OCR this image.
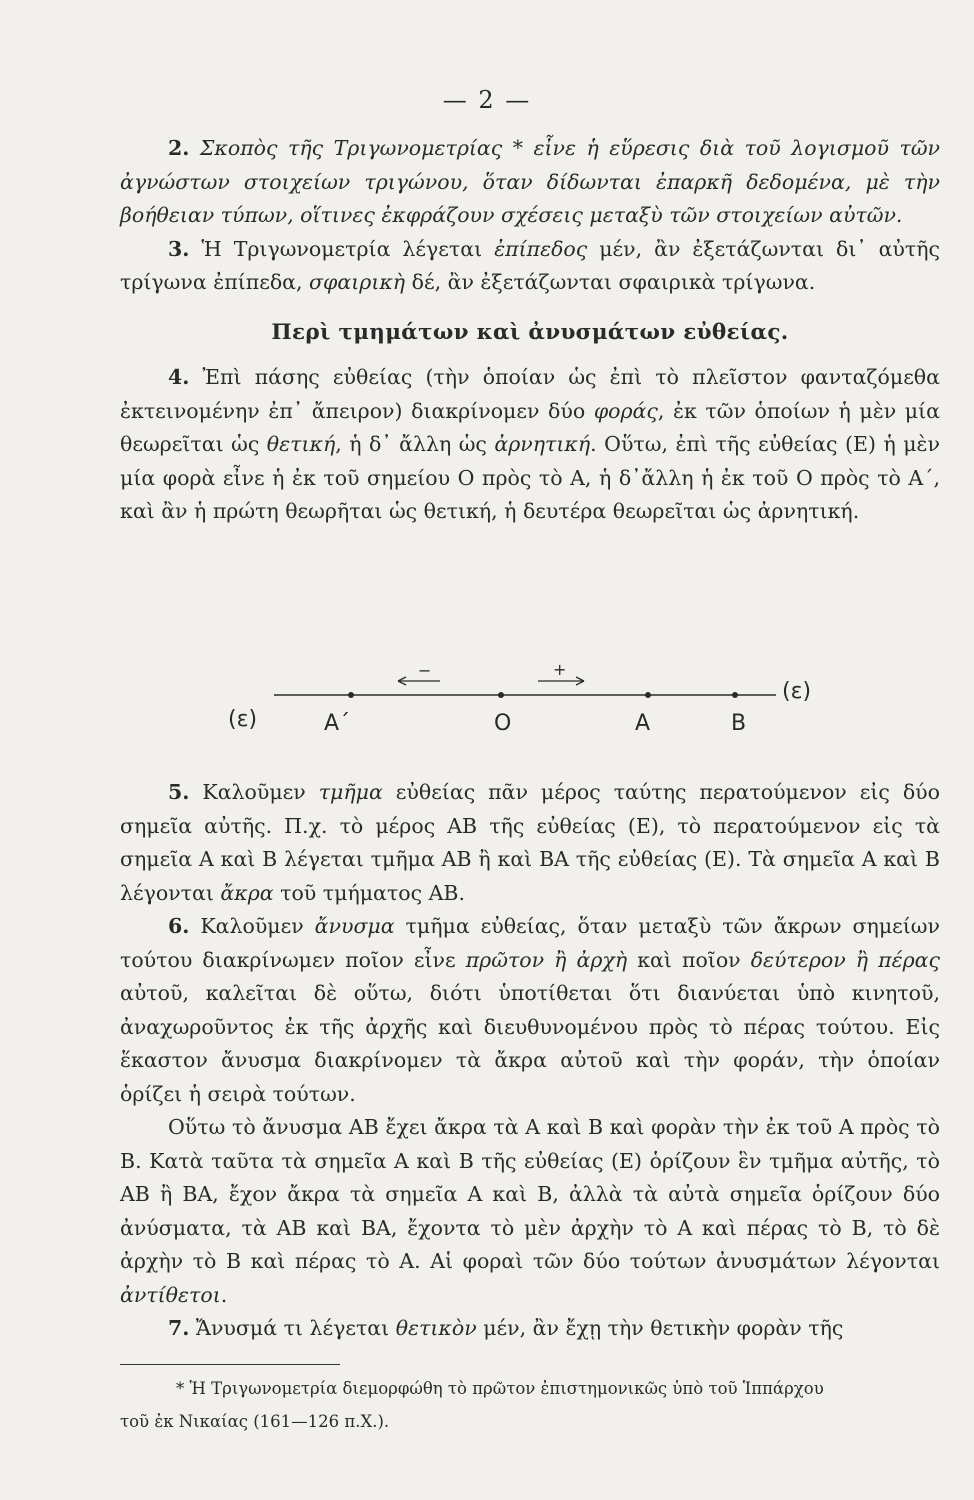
— 2 —

2. Σκοπὸς τῆς Τριγωνομετρίας * εἶνε ἡ εὕρεσις διὰ τοῦ λογισμοῦ τῶν ἀγνώστων στοιχείων τριγώνου, ὅταν δίδωνται ἐπαρκῆ δεδομένα, μὲ τὴν βοήθειαν τύπων, οἵτινες ἐκφράζουν σχέσεις μεταξὺ τῶν στοιχείων αὐτῶν.

3. Ἡ Τριγωνομετρία λέγεται ἐπίπεδος μέν, ἂν ἐξετάζωνται δι᾽ αὐτῆς τρίγωνα ἐπίπεδα, σφαιρικὴ δέ, ἂν ἐξετάζωνται σφαιρικὰ τρίγωνα.

Περὶ τμημάτων καὶ ἀνυσμάτων εὐθείας.

4. Ἐπὶ πάσης εὐθείας (τὴν ὁποίαν ὡς ἐπὶ τὸ πλεῖστον φανταζόμεθα ἐκτεινομένην ἐπ᾽ ἄπειρον) διακρίνομεν δύο φοράς, ἐκ τῶν ὁποίων ἡ μὲν μία θεωρεῖται ὡς θετική, ἡ δ᾽ ἄλλη ὡς ἀρνητική. Οὕτω, ἐπὶ τῆς εὐθείας (Ε) ἡ μὲν μία φορὰ εἶνε ἡ ἐκ τοῦ σημείου Ο πρὸς τὸ Α, ἡ δ᾽ἄλλη ἡ ἐκ τοῦ Ο πρὸς τὸ Α΄, καὶ ἂν ἡ πρώτη θεωρῆται ὡς θετική, ἡ δευτέρα θεωρεῖται ὡς ἀρνητική.

(ε)
(ε)
A΄	O	A	B
−	+

5. Καλοῦμεν τμῆμα εὐθείας πᾶν μέρος ταύτης περατούμενον εἰς δύο σημεῖα αὐτῆς. Π.χ. τὸ μέρος ΑΒ τῆς εὐθείας (Ε), τὸ περατούμενον εἰς τὰ σημεῖα Α καὶ Β λέγεται τμῆμα ΑΒ ἢ καὶ ΒΑ τῆς εὐθείας (Ε). Τὰ σημεῖα Α καὶ Β λέγονται ἄκρα τοῦ τμήματος ΑΒ.

6. Καλοῦμεν ἄνυσμα τμῆμα εὐθείας, ὅταν μεταξὺ τῶν ἄκρων σημείων τούτου διακρίνωμεν ποῖον εἶνε πρῶτον ἢ ἀρχὴ καὶ ποῖον δεύτερον ἢ πέρας αὐτοῦ, καλεῖται δὲ οὕτω, διότι ὑποτίθεται ὅτι διανύεται ὑπὸ κινητοῦ, ἀναχωροῦντος ἐκ τῆς ἀρχῆς καὶ διευθυνομένου πρὸς τὸ πέρας τούτου. Εἰς ἕκαστον ἄνυσμα διακρίνομεν τὰ ἄκρα αὐτοῦ καὶ τὴν φοράν, τὴν ὁποίαν ὁρίζει ἡ σειρὰ τούτων.

Οὕτω τὸ ἄνυσμα ΑΒ ἔχει ἄκρα τὰ Α καὶ Β καὶ φορὰν τὴν ἐκ τοῦ Α πρὸς τὸ Β. Κατὰ ταῦτα τὰ σημεῖα Α καὶ Β τῆς εὐθείας (Ε) ὁρίζουν ἓν τμῆμα αὐτῆς, τὸ ΑΒ ἢ ΒΑ, ἔχον ἄκρα τὰ σημεῖα Α καὶ Β, ἀλλὰ τὰ αὐτὰ σημεῖα ὁρίζουν δύο ἀνύσματα, τὰ ΑΒ καὶ ΒΑ, ἔχοντα τὸ μὲν ἀρχὴν τὸ Α καὶ πέρας τὸ Β, τὸ δὲ ἀρχὴν τὸ Β καὶ πέρας τὸ Α. Αἱ φοραὶ τῶν δύο τούτων ἀνυσμάτων λέγονται ἀντίθετοι.

7. Ἄνυσμά τι λέγεται θετικὸν μέν, ἂν ἔχῃ τὴν θετικὴν φορὰν τῆς

* Ἡ Τριγωνομετρία διεμορφώθη τὸ πρῶτον ἐπιστημονικῶς ὑπὸ τοῦ Ἱππάρχου

τοῦ ἐκ Νικαίας (161—126 π.Χ.).
